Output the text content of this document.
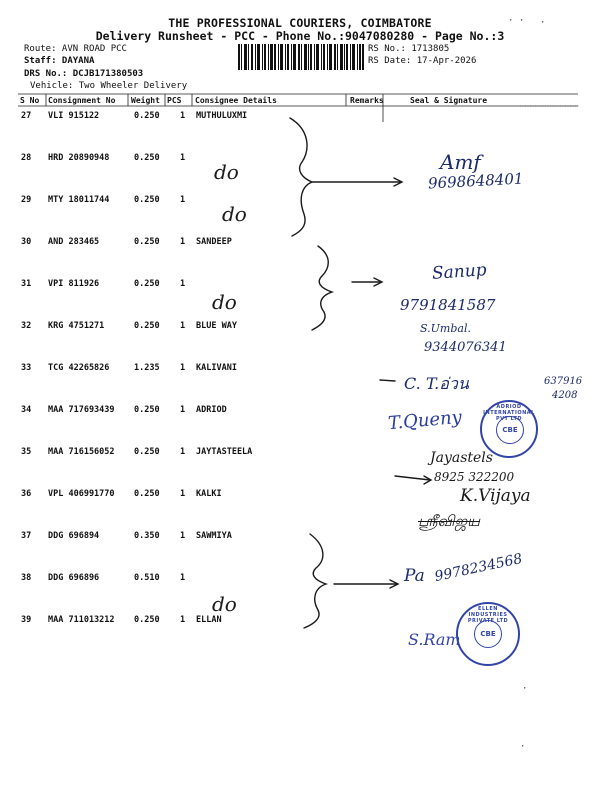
THE PROFESSIONAL COURIERS, COIMBATORE
Delivery Runsheet - PCC - Phone No.:9047080280 - Page No.:3
Route: AVN ROAD PCC
Staff: DAYANA
DRS No.: DCJB171380503
Vehicle: Two Wheeler Delivery
RS No.: 1713805
RS Date: 17-Apr-2026
S No Consignment No Weight PCS Consignee Details	Remarks	Seal & Signature
27 VLI 915122	0.250 1 MUTHULUXMI
28 HRD 20890948	0.250 1
29 MTY 18011744	0.250 1
30 AND 283465	0.250 1 SANDEEP
31 VPI 811926	0.250 1
32 KRG 4751271	0.250 1 BLUE WAY
33 TCG 42265826	1.235 1 KALIVANI
34 MAA 717693439 0.250 1 ADRIOD
35 MAA 716156052 0.250 1 JAYTASTEELA
36 VPL 406991770 0.250 1 KALKI
37 DDG 696894	0.350 1 SAWMIYA
38 DDG 696896	0.510 1
39 MAA 711013212 0.250 1 ELLAN
do
do
do
do
Amf
9698648401
Sanup
9791841587
S.Umbal.
9344076341
C. T.อ่วน	637916
4208
T.Queny	ADRIOD INTERNATIONAL PVT LTD
CBE
Jayastels
8925 322200
K.Vijaya
ஸ்ரீவிஜய
Pa 9978234568
ELLEN INDUSTRIES PRIVATE LTD
CBE
S.Ram
· · ·
·
·
